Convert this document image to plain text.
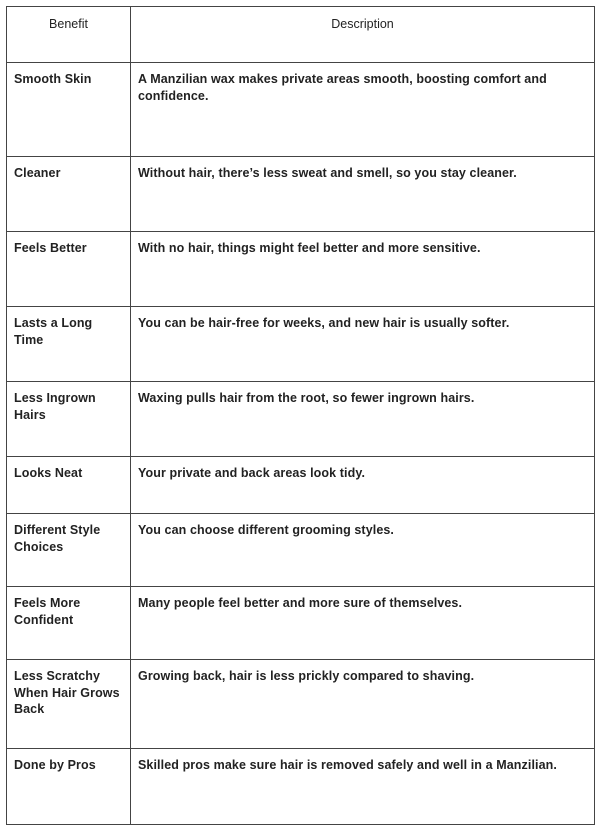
Benefit	Description
Smooth Skin	A Manzilian wax makes private areas smooth, boosting comfort and confidence.
Cleaner	Without hair, there’s less sweat and smell, so you stay cleaner.
Feels Better	With no hair, things might feel better and more sensitive.
Lasts a Long Time	You can be hair-free for weeks, and new hair is usually softer.
Less Ingrown Hairs	Waxing pulls hair from the root, so fewer ingrown hairs.
Looks Neat	Your private and back areas look tidy.
Different Style Choices	You can choose different grooming styles.
Feels More Confident	Many people feel better and more sure of themselves.
Less Scratchy When Hair Grows Back	Growing back, hair is less prickly compared to shaving.
Done by Pros	Skilled pros make sure hair is removed safely and well in a Manzilian.
